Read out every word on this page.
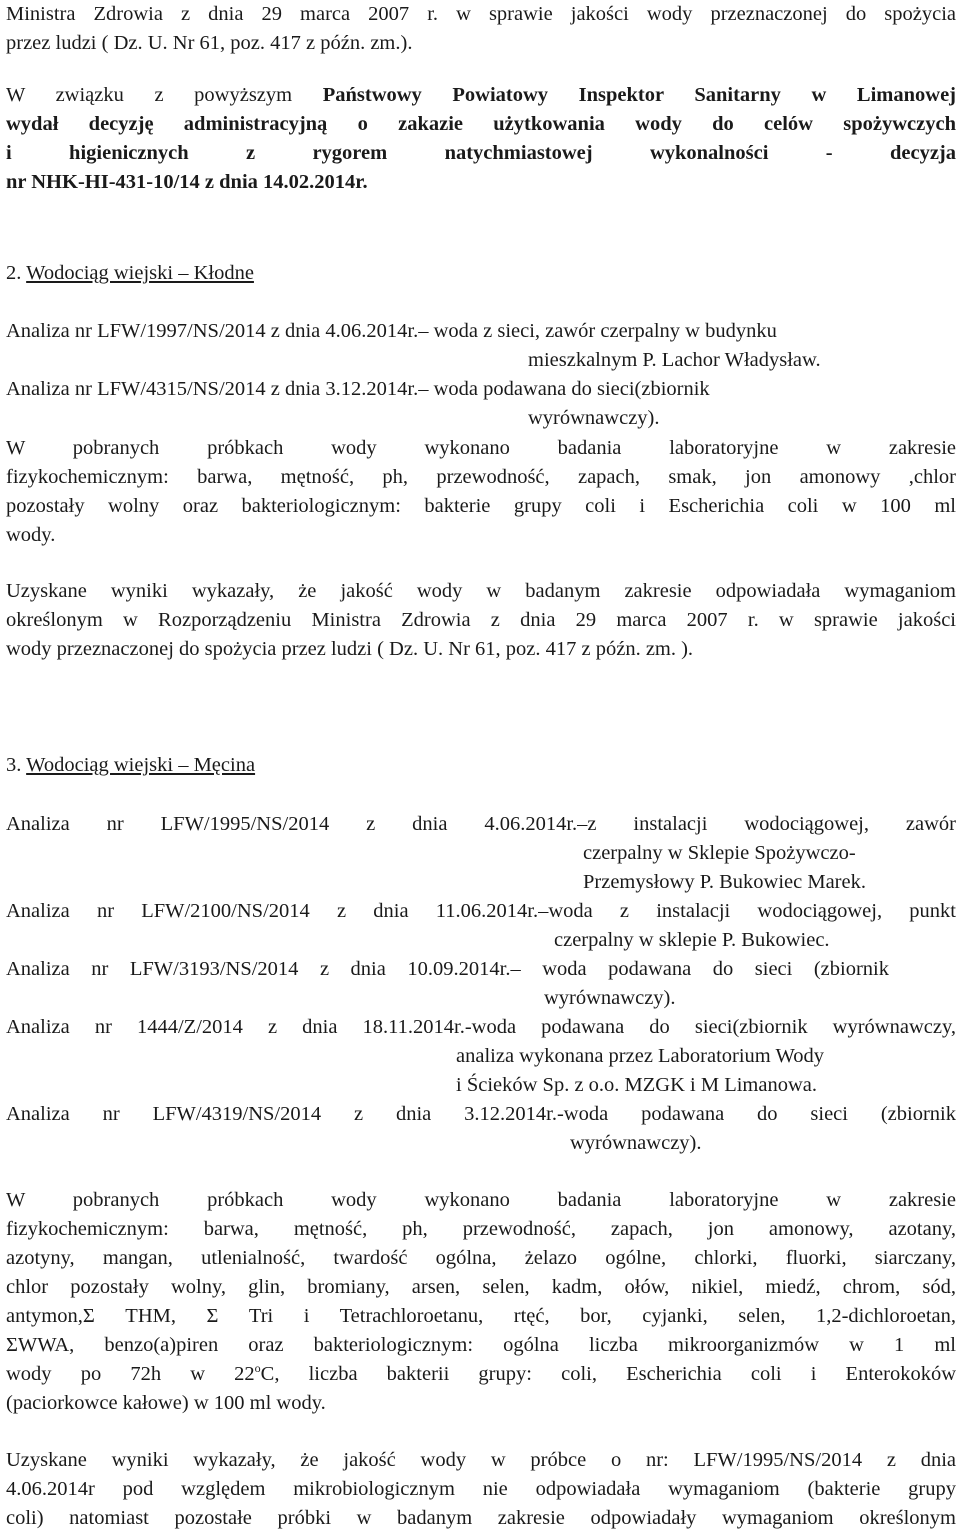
Ministra Zdrowia z dnia 29 marca 2007 r. w sprawie jakości wody przeznaczonej do spożycia
przez ludzi ( Dz. U. Nr 61, poz. 417 z późn. zm.).
W związku z powyższym Państwowy Powiatowy Inspektor Sanitarny w Limanowej
wydał decyzję administracyjną o zakazie użytkowania wody do celów spożywczych
i higienicznych z rygorem natychmiastowej wykonalności - decyzja
nr NHK-HI-431-10/14 z dnia 14.02.2014r.
2. Wodociąg wiejski – Kłodne
Analiza nr LFW/1997/NS/2014 z dnia 4.06.2014r.– woda z sieci, zawór czerpalny w budynku
mieszkalnym P. Lachor Władysław.
Analiza nr LFW/4315/NS/2014 z dnia 3.12.2014r.– woda podawana do sieci(zbiornik
wyrównawczy).
W pobranych próbkach wody wykonano badania laboratoryjne w zakresie
fizykochemicznym: barwa, mętność, ph, przewodność, zapach, smak, jon amonowy ,chlor
pozostały wolny oraz bakteriologicznym: bakterie grupy coli i Escherichia coli w 100 ml
wody.
Uzyskane wyniki wykazały, że jakość wody w badanym zakresie odpowiadała wymaganiom
określonym w Rozporządzeniu Ministra Zdrowia z dnia 29 marca 2007 r. w sprawie jakości
wody przeznaczonej do spożycia przez ludzi ( Dz. U. Nr 61, poz. 417 z późn. zm. ).
3. Wodociąg wiejski – Męcina
Analiza nr LFW/1995/NS/2014 z dnia 4.06.2014r.–z instalacji wodociągowej, zawór
czerpalny w Sklepie Spożywczo-
Przemysłowy P. Bukowiec Marek.
Analiza nr LFW/2100/NS/2014 z dnia 11.06.2014r.–woda z instalacji wodociągowej, punkt
czerpalny w sklepie P. Bukowiec.
Analiza nr LFW/3193/NS/2014 z dnia 10.09.2014r.– woda podawana do sieci (zbiornik
wyrównawczy).
Analiza nr 1444/Z/2014 z dnia 18.11.2014r.-woda podawana do sieci(zbiornik wyrównawczy,
analiza wykonana przez Laboratorium Wody
i Ścieków Sp. z o.o. MZGK i M Limanowa.
Analiza nr LFW/4319/NS/2014 z dnia 3.12.2014r.-woda podawana do sieci (zbiornik
wyrównawczy).
W pobranych próbkach wody wykonano badania laboratoryjne w zakresie
fizykochemicznym: barwa, mętność, ph, przewodność, zapach, jon amonowy, azotany,
azotyny, mangan, utlenialność, twardość ogólna, żelazo ogólne, chlorki, fluorki, siarczany,
chlor pozostały wolny, glin, bromiany, arsen, selen, kadm, ołów, nikiel, miedź, chrom, sód,
antymon,Σ THM, Σ Tri i Tetrachloroetanu, rtęć, bor, cyjanki, selen, 1,2-dichloroetan,
ΣWWA, benzo(a)piren oraz bakteriologicznym: ogólna liczba mikroorganizmów w 1 ml
wody po 72h w 22$^o$C, liczba bakterii grupy: coli, Escherichia coli i Enterokoków
(paciorkowce kałowe) w 100 ml wody.
Uzyskane wyniki wykazały, że jakość wody w próbce o nr: LFW/1995/NS/2014 z dnia
4.06.2014r pod względem mikrobiologicznym nie odpowiadała wymaganiom (bakterie grupy
coli) natomiast pozostałe próbki w badanym zakresie odpowiadały wymaganiom określonym
